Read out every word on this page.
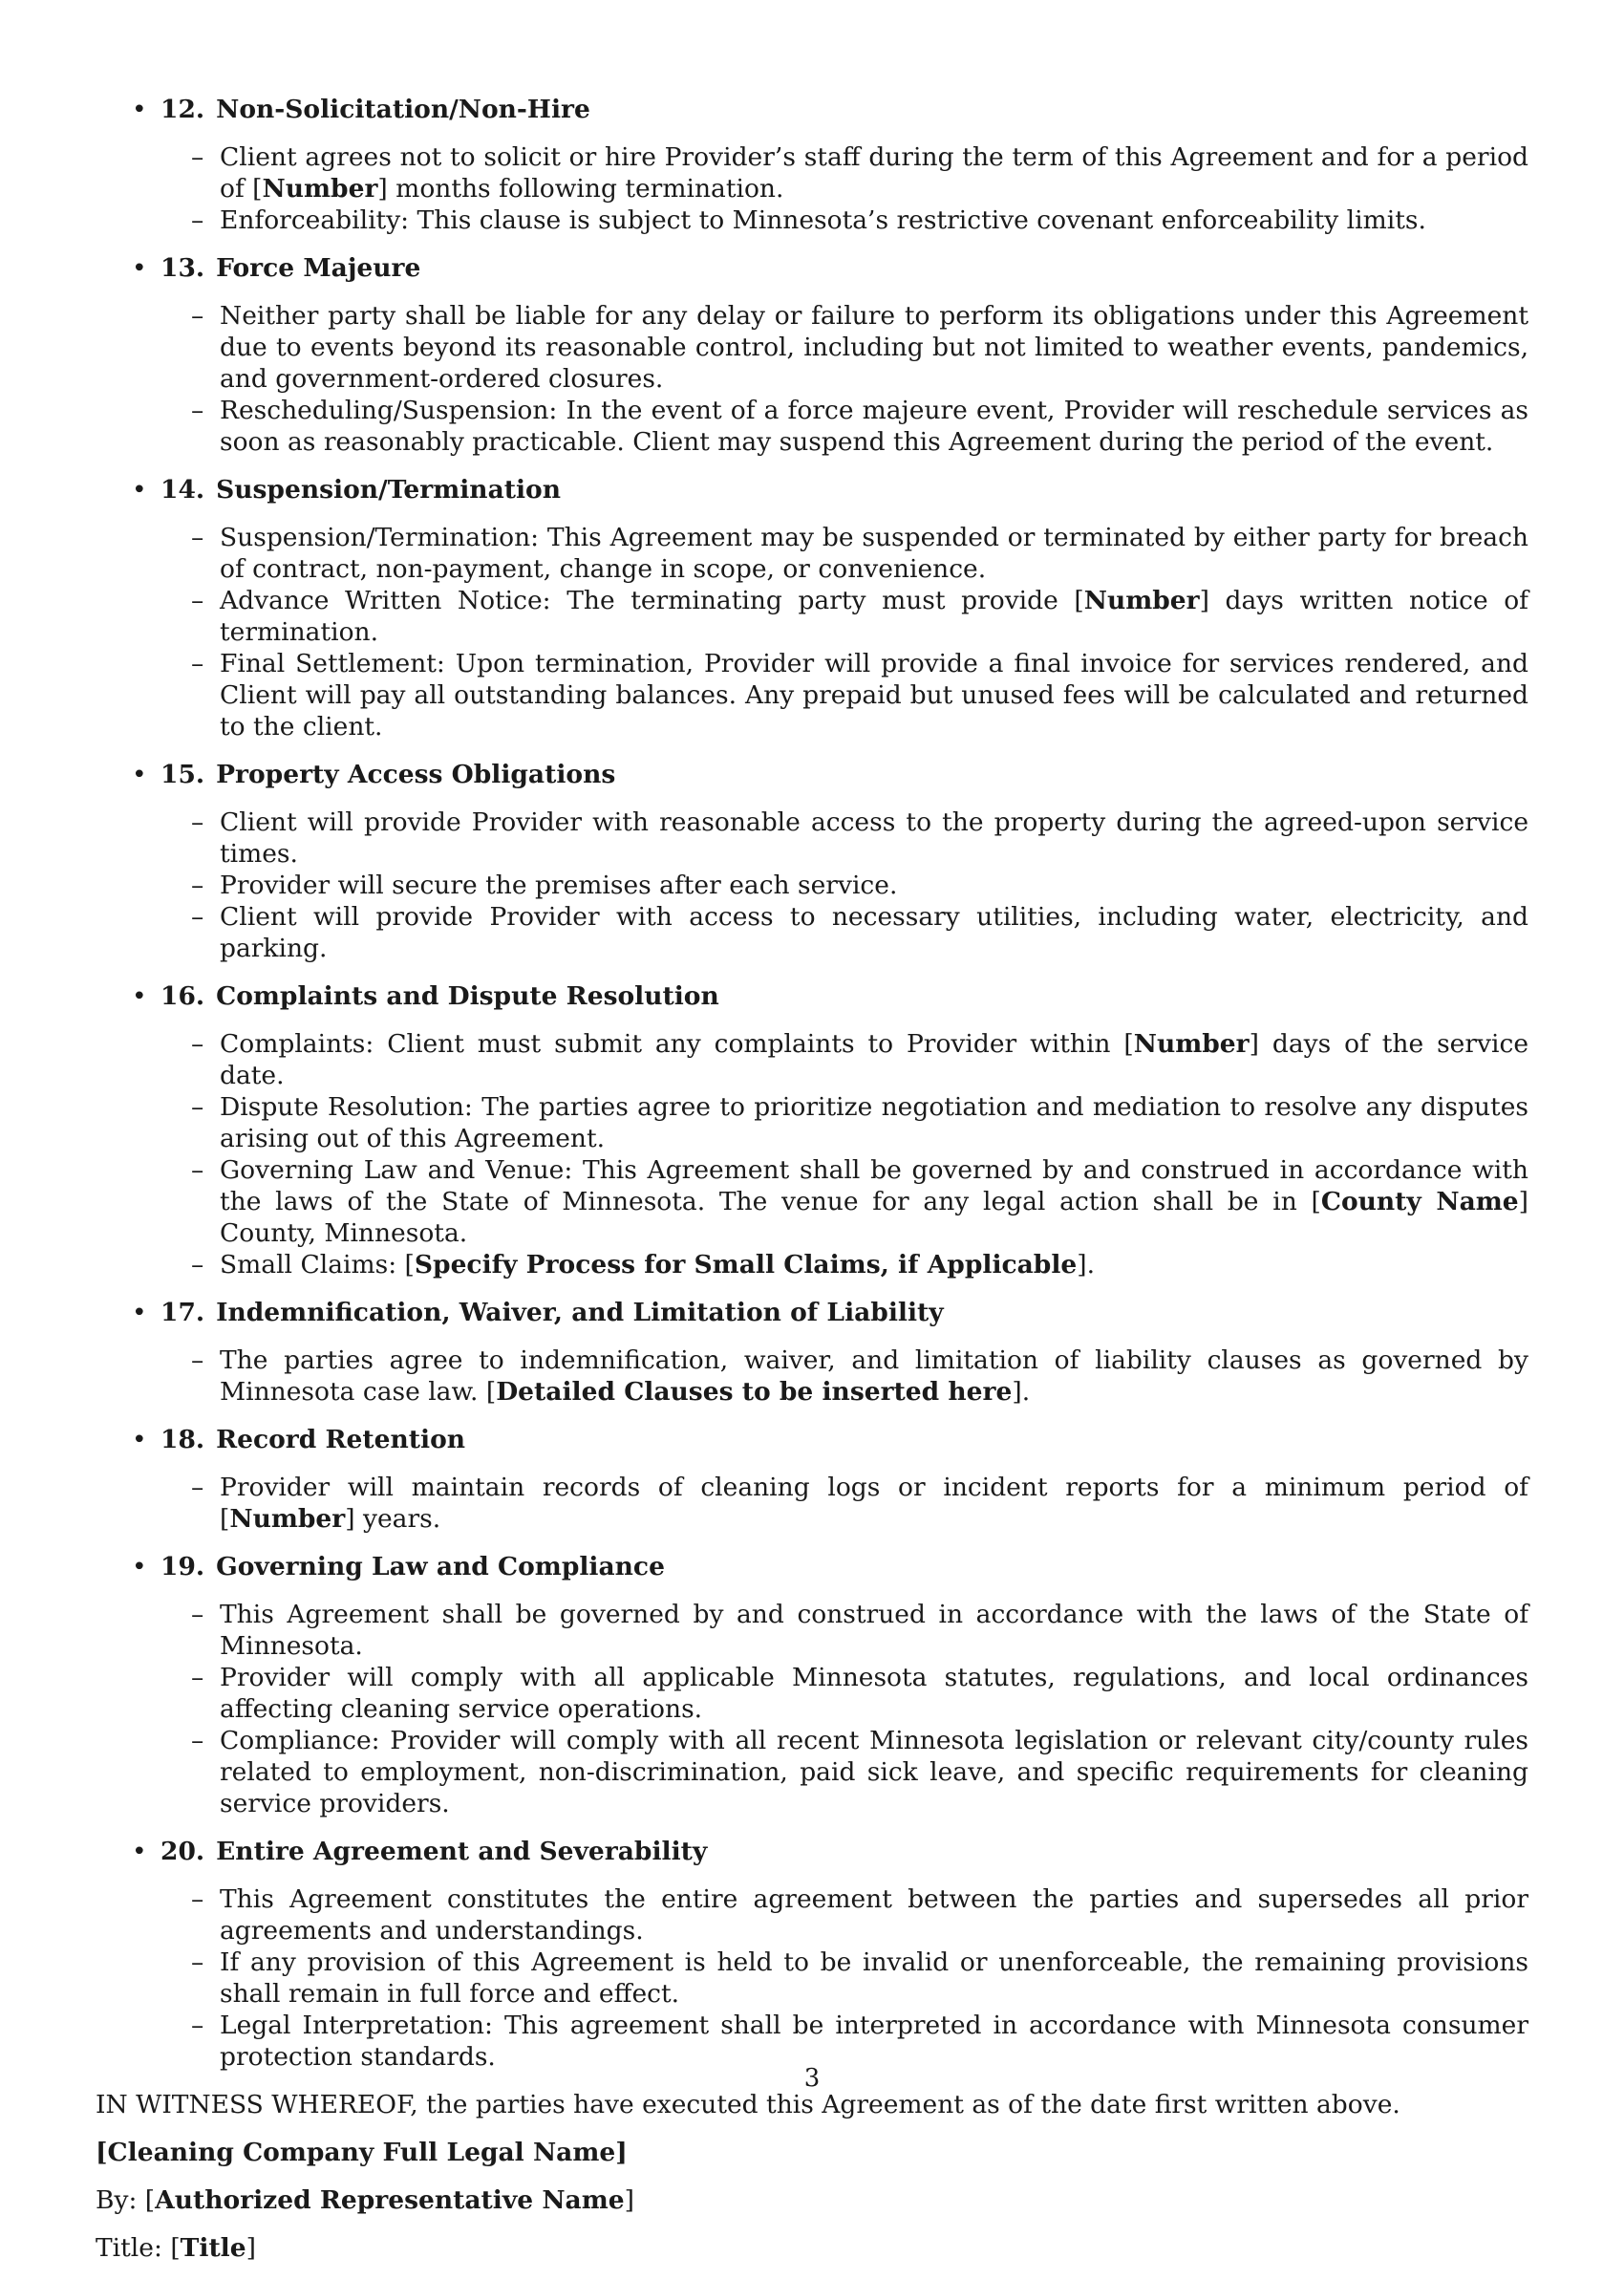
• 12. Non-Solicitation/Non-Hire
– Client agrees not to solicit or hire Provider’s staff during the term of this Agreement and for a period of [Number] months following termination.
– Enforceability: This clause is subject to Minnesota’s restrictive covenant enforceability limits.
• 13. Force Majeure
– Neither party shall be liable for any delay or failure to perform its obligations under this Agreement due to events beyond its reasonable control, including but not limited to weather events, pandemics, and government-ordered closures.
– Rescheduling/Suspension: In the event of a force majeure event, Provider will reschedule services as soon as reasonably practicable. Client may suspend this Agreement during the period of the event.
• 14. Suspension/Termination
– Suspension/Termination: This Agreement may be suspended or terminated by either party for breach of contract, non-payment, change in scope, or convenience.
– Advance Written Notice: The terminating party must provide [Number] days written notice of termination.
– Final Settlement: Upon termination, Provider will provide a final invoice for services rendered, and Client will pay all outstanding balances. Any prepaid but unused fees will be calculated and returned to the client.
• 15. Property Access Obligations
– Client will provide Provider with reasonable access to the property during the agreed-upon service times.
– Provider will secure the premises after each service.
– Client will provide Provider with access to necessary utilities, including water, electricity, and parking.
• 16. Complaints and Dispute Resolution
– Complaints: Client must submit any complaints to Provider within [Number] days of the service date.
– Dispute Resolution: The parties agree to prioritize negotiation and mediation to resolve any disputes arising out of this Agreement.
– Governing Law and Venue: This Agreement shall be governed by and construed in accordance with the laws of the State of Minnesota. The venue for any legal action shall be in [County Name] County, Minnesota.
– Small Claims: [Specify Process for Small Claims, if Applicable].
• 17. Indemnification, Waiver, and Limitation of Liability
– The parties agree to indemnification, waiver, and limitation of liability clauses as governed by Minnesota case law. [Detailed Clauses to be inserted here].
• 18. Record Retention
– Provider will maintain records of cleaning logs or incident reports for a minimum period of [Number] years.
• 19. Governing Law and Compliance
– This Agreement shall be governed by and construed in accordance with the laws of the State of Minnesota.
– Provider will comply with all applicable Minnesota statutes, regulations, and local ordinances affecting cleaning service operations.
– Compliance: Provider will comply with all recent Minnesota legislation or relevant city/county rules related to employment, non-discrimination, paid sick leave, and specific requirements for cleaning service providers.
• 20. Entire Agreement and Severability
– This Agreement constitutes the entire agreement between the parties and supersedes all prior agreements and understandings.
– If any provision of this Agreement is held to be invalid or unenforceable, the remaining provisions shall remain in full force and effect.
– Legal Interpretation: This agreement shall be interpreted in accordance with Minnesota consumer protection standards.

IN WITNESS WHEREOF, the parties have executed this Agreement as of the date first written above.

[Cleaning Company Full Legal Name]

By: [Authorized Representative Name]

Title: [Title]

3
